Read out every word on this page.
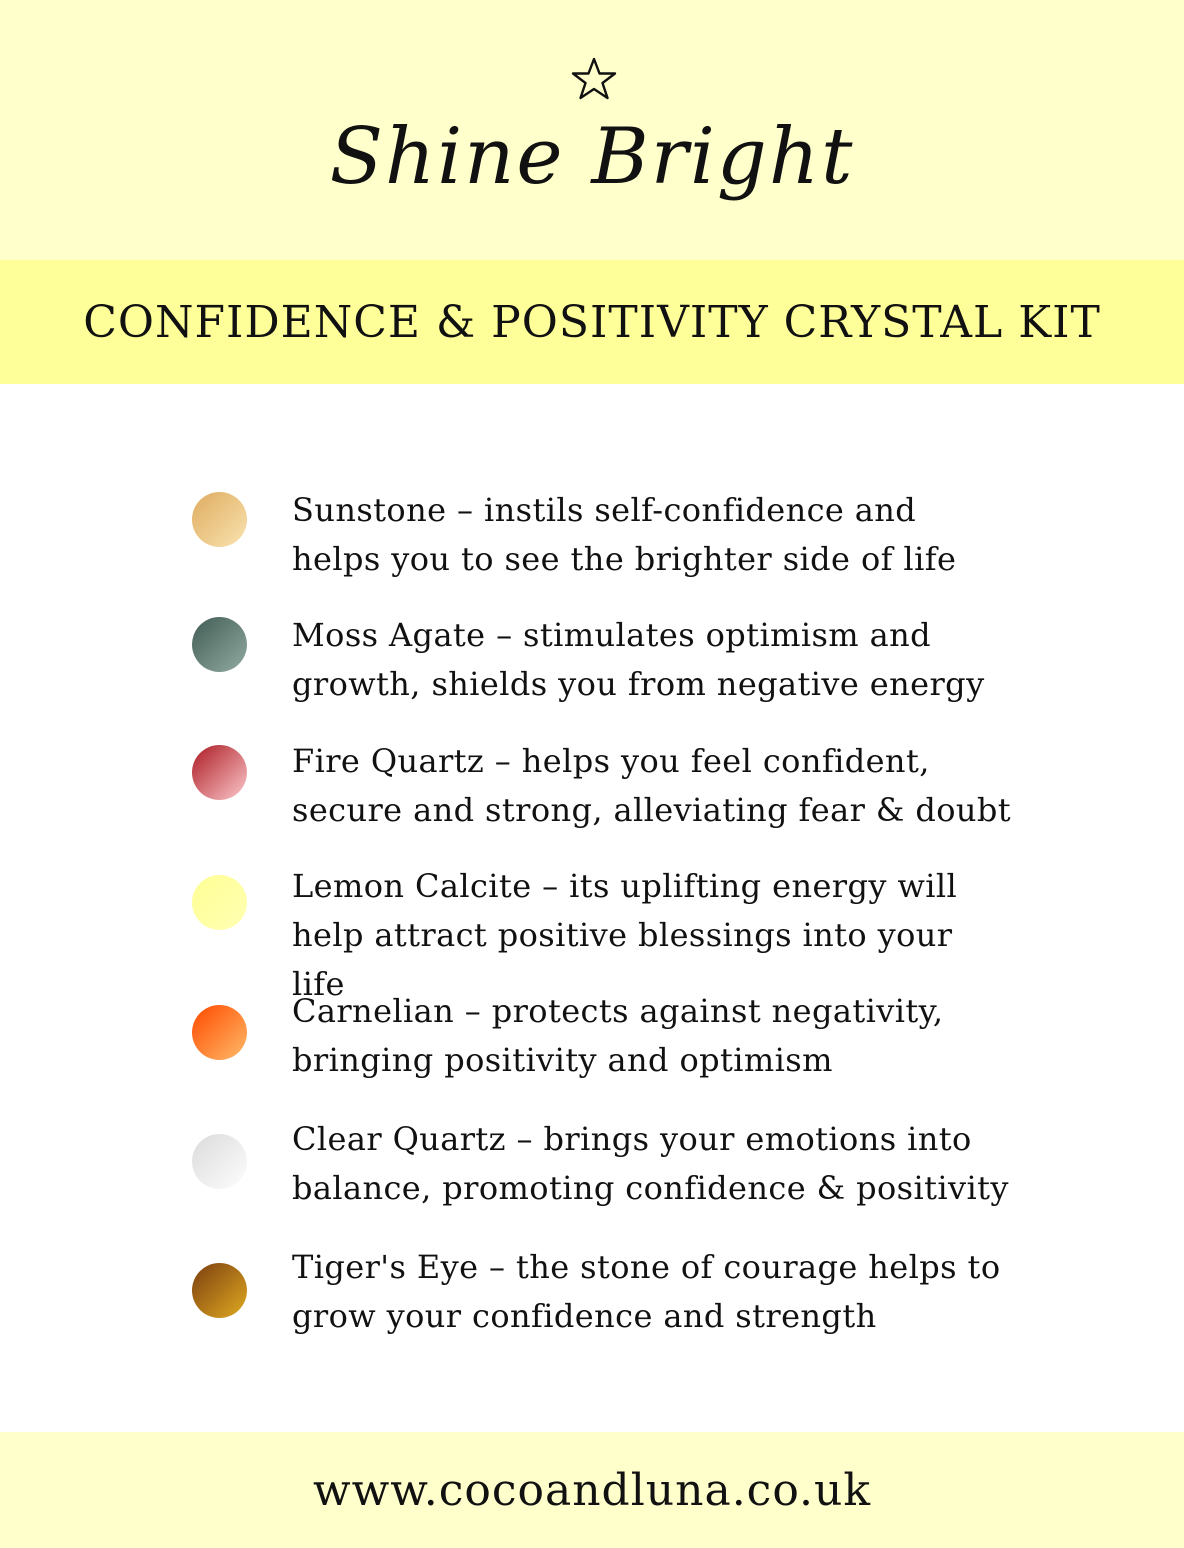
Shine Bright
CONFIDENCE & POSITIVITY CRYSTAL KIT
Sunstone – instils self-confidence and helps you to see the brighter side of life
Moss Agate – stimulates optimism and growth, shields you from negative energy
Fire Quartz – helps you feel confident, secure and strong, alleviating fear & doubt
Lemon Calcite – its uplifting energy will help attract positive blessings into your life
Carnelian – protects against negativity, bringing positivity and optimism
Clear Quartz – brings your emotions into balance, promoting confidence & positivity
Tiger's Eye – the stone of courage helps to grow your confidence and strength
www.cocoandluna.co.uk
